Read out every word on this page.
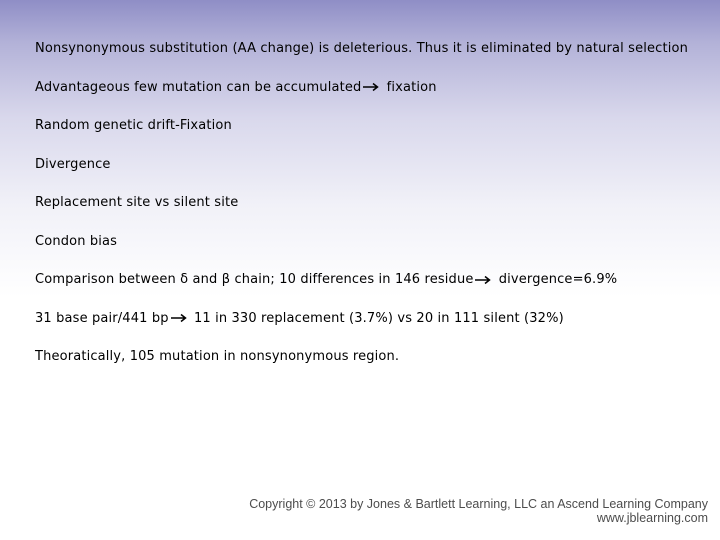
Nonsynonymous substitution (AA change) is deleterious. Thus it is eliminated by natural selection
Advantageous few mutation can be accumulated fixation
Random genetic drift-Fixation
Divergence
Replacement site vs silent site
Condon bias
Comparison between δ and β chain; 10 differences in 146 residue divergence=6.9%
31 base pair/441 bp 11 in 330 replacement (3.7%) vs 20 in 111 silent (32%)
Theoratically, 105 mutation in nonsynonymous region.
Copyright © 2013 by Jones & Bartlett Learning, LLC an Ascend Learning Company
www.jblearning.com
